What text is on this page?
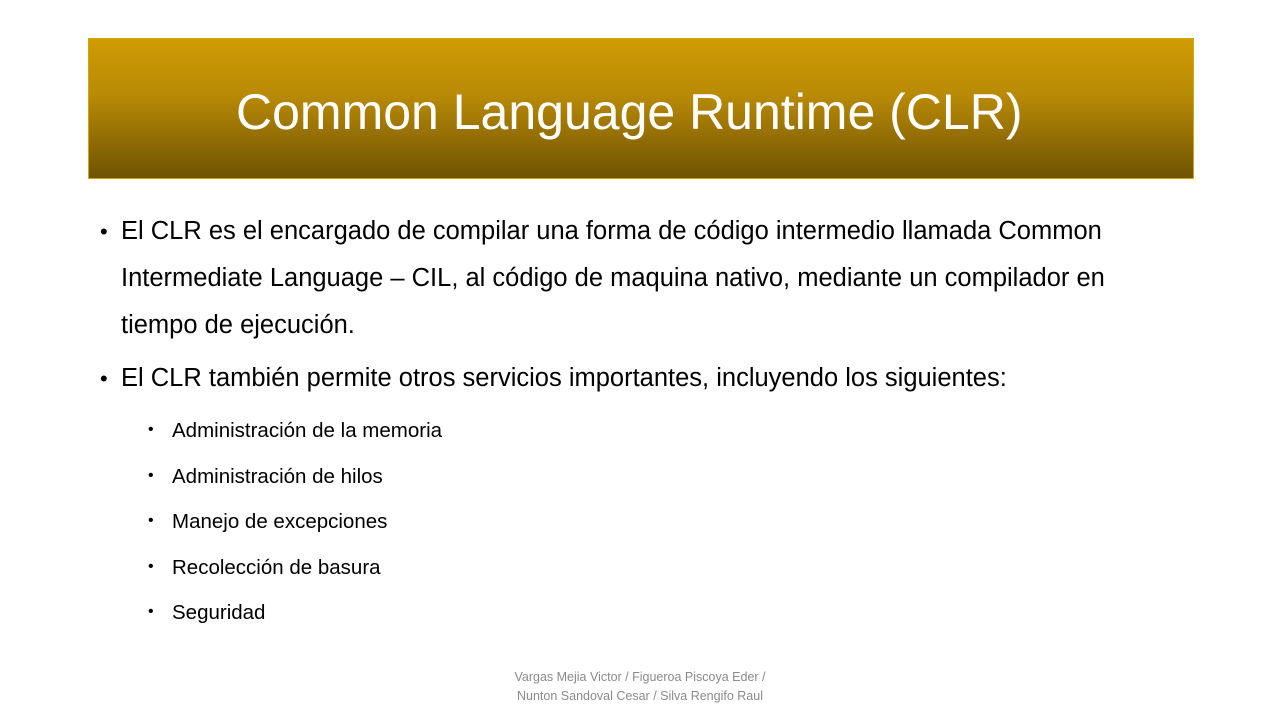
Common Language Runtime (CLR)
• El CLR es el encargado de compilar una forma de código intermedio llamada Common Intermediate Language – CIL, al código de maquina nativo, mediante un compilador en tiempo de ejecución.
• El CLR también permite otros servicios importantes, incluyendo los siguientes:
• Administración de la memoria
• Administración de hilos
• Manejo de excepciones
• Recolección de basura
• Seguridad
Vargas Mejia Victor / Figueroa Piscoya Eder /
Nunton Sandoval Cesar / Silva Rengifo Raul
